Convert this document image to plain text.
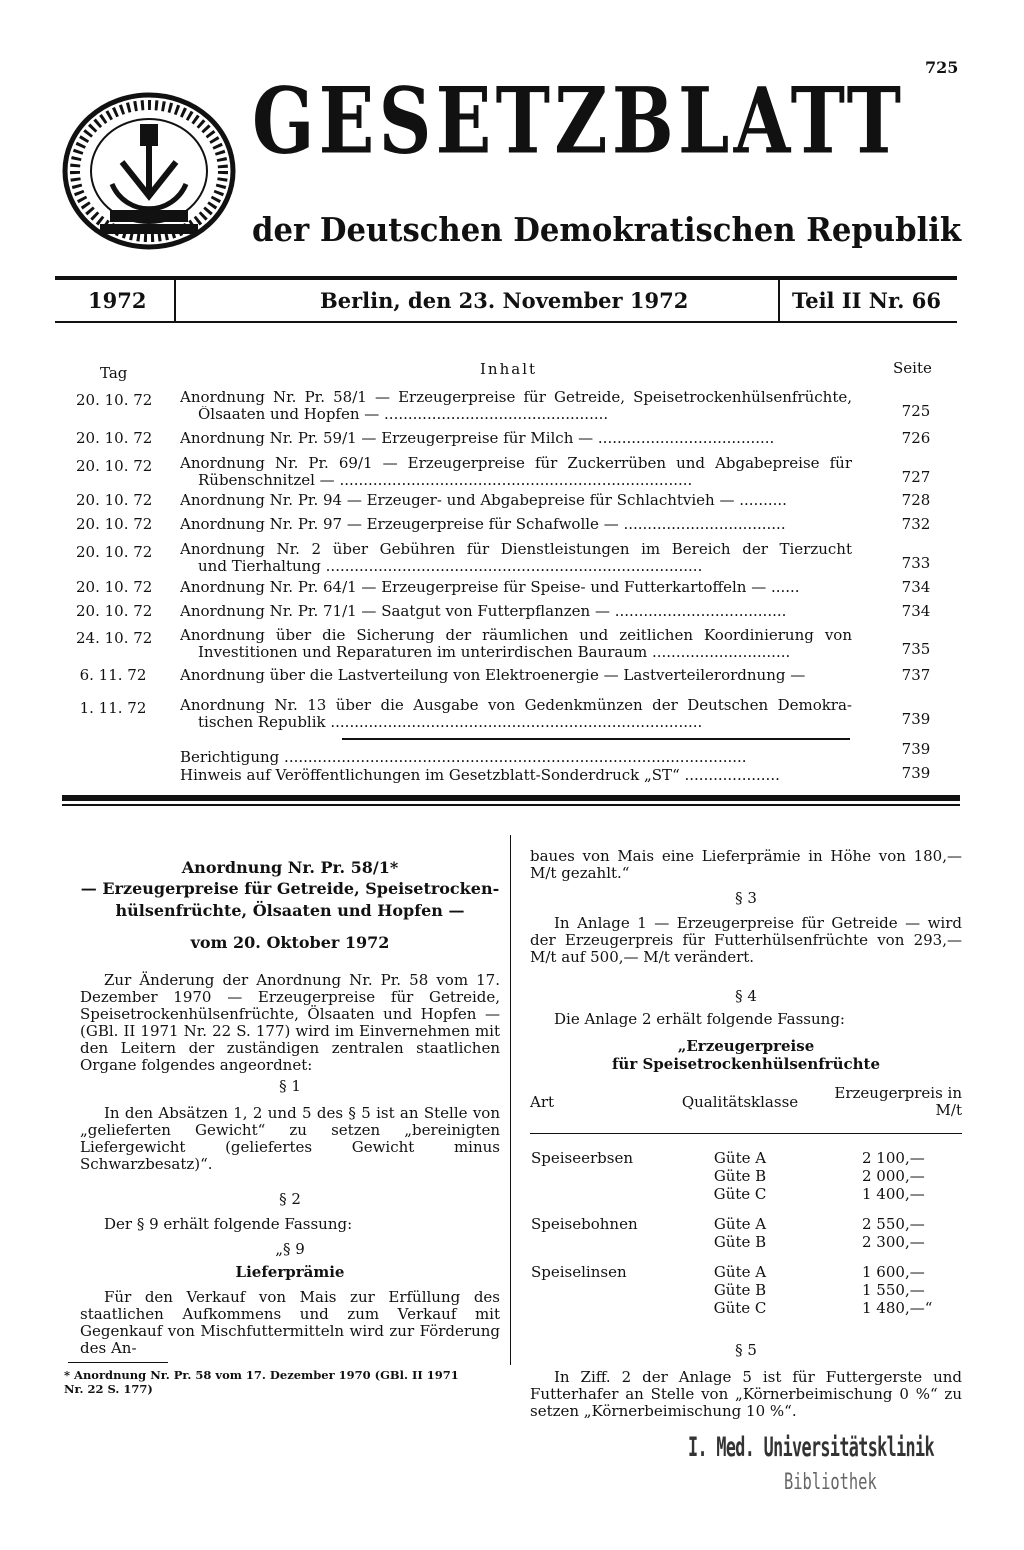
725
GESETZBLATT
der Deutschen Demokratischen Republik
1972	Berlin, den 23. November 1972	Teil II Nr. 66
Tag	Inhalt	Seite
20. 10. 72 Anordnung Nr. Pr. 58/1 — Erzeugerpreise für Getreide, Speisetrockenhülsenfrüchte,
Ölsaaten und Hopfen — ...............................................	725
20. 10. 72 Anordnung Nr. Pr. 59/1 — Erzeugerpreise für Milch — .....................................	726
20. 10. 72 Anordnung Nr. Pr. 69/1 — Erzeugerpreise für Zuckerrüben und Abgabepreise für
Rübenschnitzel — ..........................................................................	727
20. 10. 72 Anordnung Nr. Pr. 94 — Erzeuger- und Abgabepreise für Schlachtvieh — ..........	728
20. 10. 72 Anordnung Nr. Pr. 97 — Erzeugerpreise für Schafwolle — ..................................	732
20. 10. 72 Anordnung Nr. 2 über Gebühren für Dienstleistungen im Bereich der Tierzucht
und Tierhaltung ...............................................................................	733
20. 10. 72 Anordnung Nr. Pr. 64/1 — Erzeugerpreise für Speise- und Futterkartoffeln — ......	734
20. 10. 72 Anordnung Nr. Pr. 71/1 — Saatgut von Futterpflanzen — ....................................	734
24. 10. 72 Anordnung über die Sicherung der räumlichen und zeitlichen Koordinierung von
Investitionen und Reparaturen im unterirdischen Bauraum .............................	735
6. 11. 72 Anordnung über die Lastverteilung von Elektroenergie — Lastverteilerordnung —	737
1. 11. 72 Anordnung Nr. 13 über die Ausgabe von Gedenkmünzen der Deutschen Demokra-
tischen Republik ..............................................................................	739
Berichtigung .................................................................................................	739
Hinweis auf Veröffentlichungen im Gesetzblatt-Sonderdruck „ST“ ....................	739
Anordnung Nr. Pr. 58/1*
— Erzeugerpreise für Getreide, Speisetrocken-
hülsenfrüchte, Ölsaaten und Hopfen —
vom 20. Oktober 1972

Zur Änderung der Anordnung Nr. Pr. 58 vom 17. Dezember 1970 — Erzeugerpreise für Getreide, Speisetrockenhülsenfrüchte, Ölsaaten und Hopfen — (GBl. II 1971 Nr. 22 S. 177) wird im Einvernehmen mit den Leitern der zuständigen zentralen staatlichen Organe folgendes angeordnet:

§ 1

In den Absätzen 1, 2 und 5 des § 5 ist an Stelle von „gelieferten Gewicht“ zu setzen „bereinigten Liefergewicht (geliefertes Gewicht minus Schwarzbesatz)“.

§ 2

Der § 9 erhält folgende Fassung:

„§ 9
Lieferprämie

Für den Verkauf von Mais zur Erfüllung des staatlichen Aufkommens und zum Verkauf mit Gegenkauf von Mischfuttermitteln wird zur Förderung des An-

* Anordnung Nr. Pr. 58 vom 17. Dezember 1970 (GBl. II 1971
Nr. 22 S. 177)

baues von Mais eine Lieferprämie in Höhe von 180,— M/t gezahlt.“

§ 3

In Anlage 1 — Erzeugerpreise für Getreide — wird der Erzeugerpreis für Futterhülsenfrüchte von 293,— M/t auf 500,— M/t verändert.

§ 4

Die Anlage 2 erhält folgende Fassung:

„Erzeugerpreise
für Speisetrockenhülsenfrüchte
Art	Qualitätsklasse	Erzeugerpreis in M/t
Speiseerbsen	Güte A	2 100,—
	Güte B	2 000,—
	Güte C	1 400,—
Speisebohnen	Güte A	2 550,—
	Güte B	2 300,—
Speiselinsen	Güte A	1 600,—
	Güte B	1 550,—
	Güte C	1 480,—“
§ 5

In Ziff. 2 der Anlage 5 ist für Futtergerste und Futterhafer an Stelle von „Körnerbeimischung 0 %“ zu setzen „Körnerbeimischung 10 %“.

I. Med. Universitätsklinik
Bibliothek
